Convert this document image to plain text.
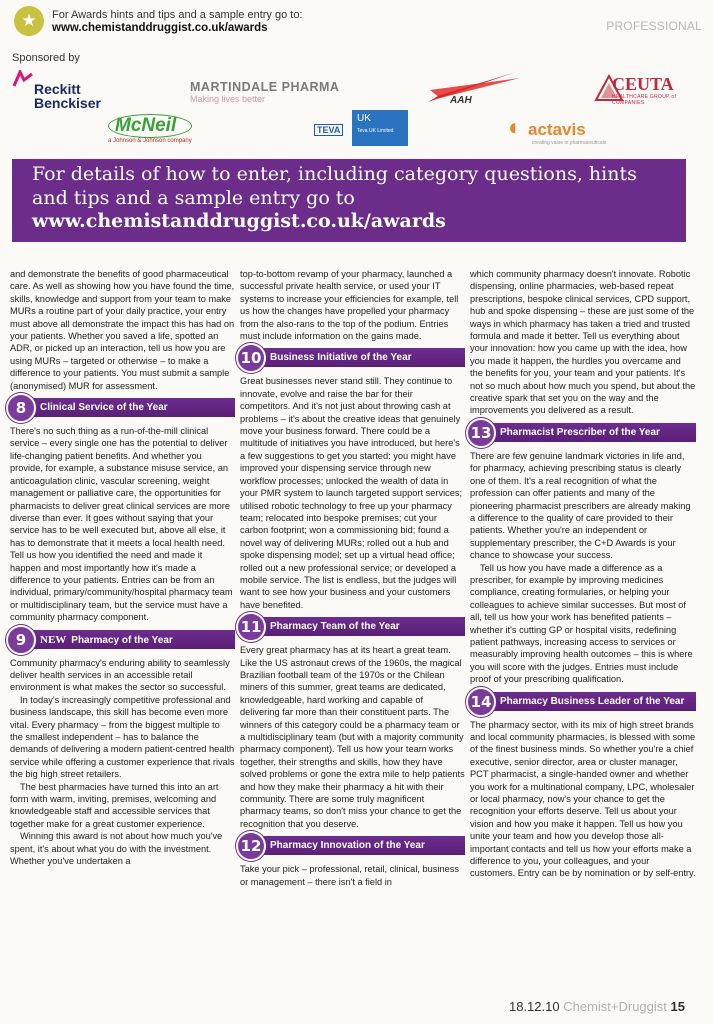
★	For Awards hints and tips and a sample entry go to:
www.chemistanddruggist.co.uk/awards	PROFESSIONAL
Sponsored by
Reckitt Benckiser
MARTINDALE PHARMA
Making lives better	AAH
CEUTA
HEALTHCARE GROUP of COMPANIES
McNeil
a Johnson & Johnson company
TEVA
UK
Teva UK Limited	◐ actavis
creating value in pharmaceuticals
For details of how to enter, including category questions, hints and tips and a sample entry go to
www.chemistanddruggist.co.uk/awards

and demonstrate the benefits of good pharmaceutical care. As well as showing how you have found the time, skills, knowledge and support from your team to make MURs a routine part of your daily practice, your entry must above all demonstrate the impact this has had on your patients. Whether you saved a life, spotted an ADR, or picked up an interaction, tell us how you are using MURs – targeted or otherwise – to make a difference to your patients. You must submit a sample (anonymised) MUR for assessment.

8	Clinical Service of the Year

There's no such thing as a run-of-the-mill clinical service – every single one has the potential to deliver life-changing patient benefits. And whether you provide, for example, a substance misuse service, an anticoagulation clinic, vascular screening, weight management or palliative care, the opportunities for pharmacists to deliver great clinical services are more diverse than ever. It goes without saying that your service has to be well executed but, above all else, it has to demonstrate that it meets a local health need. Tell us how you identified the need and made it happen and most importantly how it's made a difference to your patients. Entries can be from an individual, primary/community/hospital pharmacy team or multidisciplinary team, but the service must have a community pharmacy component.

9	NEW Pharmacy of the Year

Community pharmacy's enduring ability to seamlessly deliver health services in an accessible retail environment is what makes the sector so successful.

In today's increasingly competitive professional and business landscape, this skill has become even more vital. Every pharmacy – from the biggest multiple to the smallest independent – has to balance the demands of delivering a modern patient-centred health service while offering a customer experience that rivals the big high street retailers.

The best pharmacies have turned this into an art form with warm, inviting, premises, welcoming and knowledgeable staff and accessible services that together make for a great customer experience.

Winning this award is not about how much you've spent, it's about what you do with the investment. Whether you've undertaken a

top-to-bottom revamp of your pharmacy, launched a successful private health service, or used your IT systems to increase your efficiencies for example, tell us how the changes have propelled your pharmacy from the also-rans to the top of the podium. Entries must include information on the gains made.

10 Business Initiative of the Year

Great businesses never stand still. They continue to innovate, evolve and raise the bar for their competitors. And it's not just about throwing cash at problems – it's about the creative ideas that genuinely move your business forward. There could be a multitude of initiatives you have introduced, but here's a few suggestions to get you started: you might have improved your dispensing service through new workflow processes; unlocked the wealth of data in your PMR system to launch targeted support services; utilised robotic technology to free up your pharmacy team; relocated into bespoke premises; cut your carbon footprint; won a commissioning bid; found a novel way of delivering MURs; rolled out a hub and spoke dispensing model; set up a virtual head office; rolled out a new professional service; or developed a mobile service. The list is endless, but the judges will want to see how your business and your customers have benefited.

11 Pharmacy Team of the Year

Every great pharmacy has at its heart a great team. Like the US astronaut crews of the 1960s, the magical Brazilian football team of the 1970s or the Chilean miners of this summer, great teams are dedicated, knowledgeable, hard working and capable of delivering far more than their constituent parts. The winners of this category could be a pharmacy team or a multidisciplinary team (but with a majority community pharmacy component). Tell us how your team works together, their strengths and skills, how they have solved problems or gone the extra mile to help patients and how they make their pharmacy a hit with their community. There are some truly magnificent pharmacy teams, so don't miss your chance to get the recognition that you deserve.

12 Pharmacy Innovation of the Year

Take your pick – professional, retail, clinical, business or management – there isn't a field in

which community pharmacy doesn't innovate. Robotic dispensing, online pharmacies, web-based repeat prescriptions, bespoke clinical services, CPD support, hub and spoke dispensing – these are just some of the ways in which pharmacy has taken a tried and trusted formula and made it better. Tell us everything about your innovation: how you came up with the idea, how you made it happen, the hurdles you overcame and the benefits for you, your team and your patients. It's not so much about how much you spend, but about the creative spark that set you on the way and the improvements you delivered as a result.

13 Pharmacist Prescriber of the Year

There are few genuine landmark victories in life and, for pharmacy, achieving prescribing status is clearly one of them. It's a real recognition of what the profession can offer patients and many of the pioneering pharmacist prescribers are already making a difference to the quality of care provided to their patients. Whether you're an independent or supplementary prescriber, the C+D Awards is your chance to showcase your success.

Tell us how you have made a difference as a prescriber, for example by improving medicines compliance, creating formularies, or helping your colleagues to achieve similar successes. But most of all, tell us how your work has benefited patients – whether it's cutting GP or hospital visits, redefining patient pathways, increasing access to services or measurably improving health outcomes – this is where you will score with the judges. Entries must include proof of your prescribing qualification.

14 Pharmacy Business Leader of the Year

The pharmacy sector, with its mix of high street brands and local community pharmacies, is blessed with some of the finest business minds. So whether you're a chief executive, senior director, area or cluster manager, PCT pharmacist, a single-handed owner and whether you work for a multinational company, LPC, wholesaler or local pharmacy, now's your chance to get the recognition your efforts deserve. Tell us about your vision and how you make it happen. Tell us how you unite your team and how you develop those all-important contacts and tell us how your efforts make a difference to you, your colleagues, and your customers. Entry can be by nomination or by self-entry.

18.12.10 Chemist+Druggist 15
